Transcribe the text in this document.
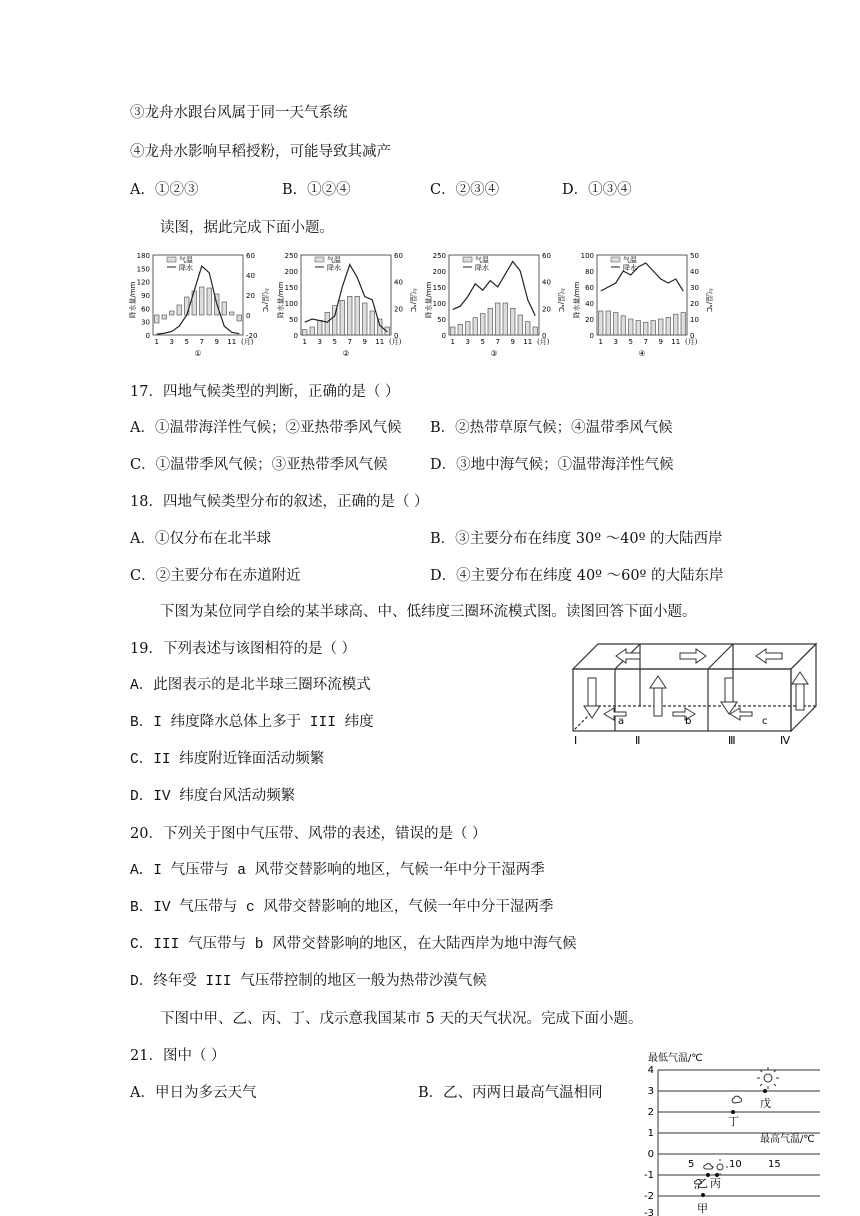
③龙舟水跟台风属于同一天气系统
④龙舟水影响早稻授粉，可能导致其减产
A．①②③	B．①②④	C．②③④	D．①③④
读图，据此完成下面小题。
180
150
120
90
60
30
0
60
40
20
0
-20
1 3 5 7 9 11 (月)
气温
降水
降水量/mm	气温/℃
①
250
200
150
100
50
0
60
40
20
0
1 3 5 7 9 11 (月)
气温
降水
降水量/mm	气温/℃
②
250
200
150
100
50
0
60
40
20
0
1 3 5 7 9 11 (月)
气温
降水
降水量/mm	气温/℃
③
100
80
60
40
20
0
50
40
30
20
10
0
1 3 5 7 9 11 (月)
气温
降水
降水量/mm	气温/℃
④
17．四地气候类型的判断，正确的是（ ）
A．①温带海洋性气候；②亚热带季风气候 B．②热带草原气候；④温带季风气候
C．①温带季风气候；③亚热带季风气候	D．③地中海气候；①温带海洋性气候
18．四地气候类型分布的叙述，正确的是（ ）
A．①仅分布在北半球	B．③主要分布在纬度 30º ～40º 的大陆西岸
C．②主要分布在赤道附近	D．④主要分布在纬度 40º ～60º 的大陆东岸
下图为某位同学自绘的某半球高、中、低纬度三圈环流模式图。读图回答下面小题。
19．下列表述与该图相符的是（ ）
A．此图表示的是北半球三圈环流模式
B．I 纬度降水总体上多于 III 纬度
C．II 纬度附近锋面活动频繁
D．IV 纬度台风活动频繁
a	b	c
Ⅰ	Ⅱ	Ⅲ	Ⅳ
20．下列关于图中气压带、风带的表述，错误的是（ ）
A．I 气压带与 a 风带交替影响的地区，气候一年中分干湿两季
B．IV 气压带与 c 风带交替影响的地区，气候一年中分干湿两季
C．III 气压带与 b 风带交替影响的地区，在大陆西岸为地中海气候
D．终年受 III 气压带控制的地区一般为热带沙漠气候
下图中甲、乙、丙、丁、戊示意我国某市 5 天的天气状况。完成下面小题。
21．图中（ ）
A．甲日为多云天气	B．乙、丙两日最高气温相同
最低气温/℃
4
3
2
1
0
-1
-2
-3
最高气温/℃
5	10	15
甲
乙 丙
丁
戊
